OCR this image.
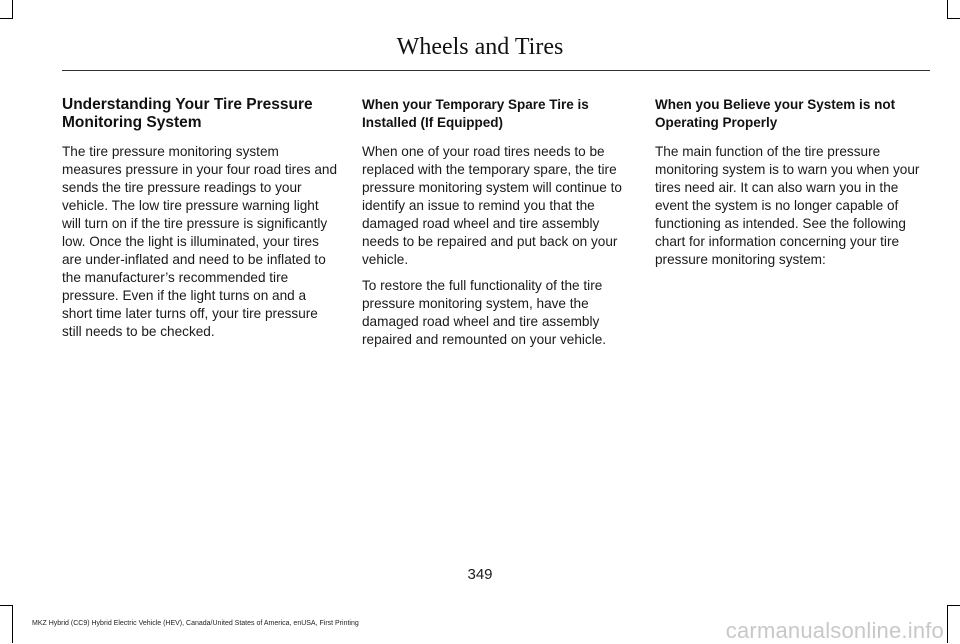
Wheels and Tires
Understanding Your Tire Pressure Monitoring System

The tire pressure monitoring system measures pressure in your four road tires and sends the tire pressure readings to your vehicle. The low tire pressure warning light will turn on if the tire pressure is significantly low. Once the light is illuminated, your tires are under-inflated and need to be inflated to the manufacturer’s recommended tire pressure. Even if the light turns on and a short time later turns off, your tire pressure still needs to be checked.

When your Temporary Spare Tire is Installed (If Equipped)

When one of your road tires needs to be replaced with the temporary spare, the tire pressure monitoring system will continue to identify an issue to remind you that the damaged road wheel and tire assembly needs to be repaired and put back on your vehicle.

To restore the full functionality of the tire pressure monitoring system, have the damaged road wheel and tire assembly repaired and remounted on your vehicle.

When you Believe your System is not Operating Properly

The main function of the tire pressure monitoring system is to warn you when your tires need air. It can also warn you in the event the system is no longer capable of functioning as intended. See the following chart for information concerning your tire pressure monitoring system:

349
MKZ Hybrid (CC9) Hybrid Electric Vehicle (HEV), Canada/United States of America, enUSA, First Printing	carmanualsonline.info
